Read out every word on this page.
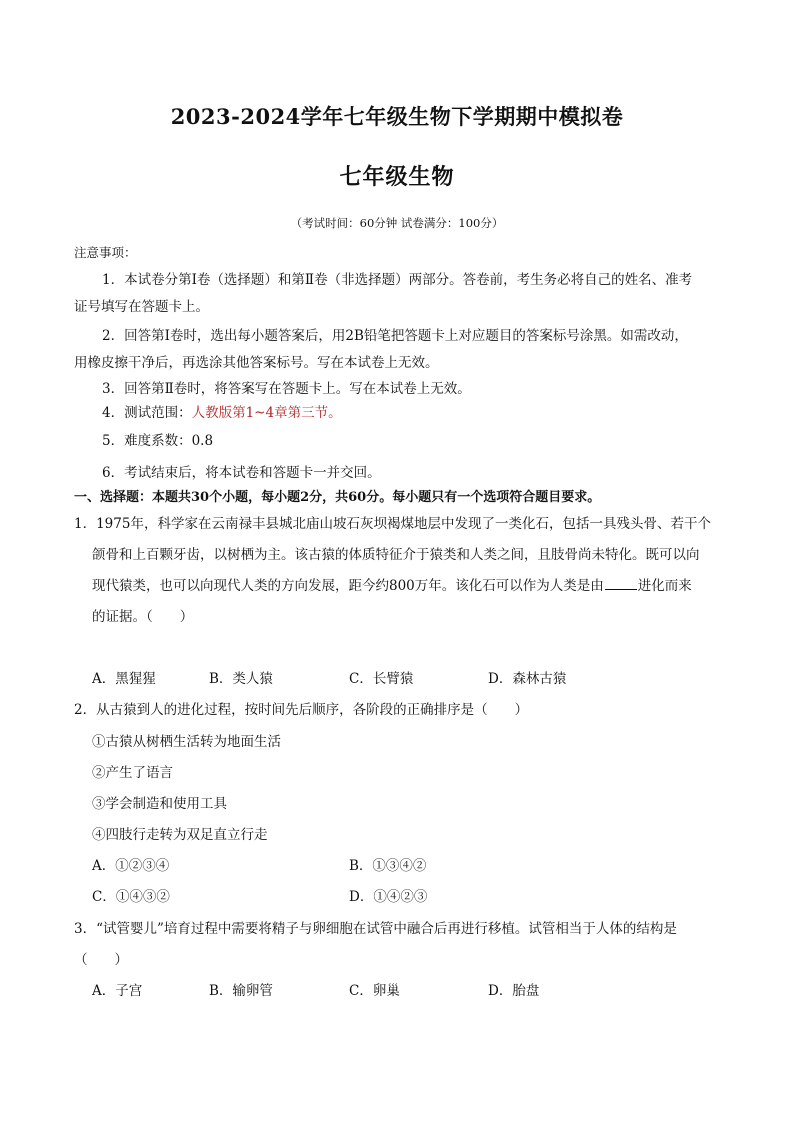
2023-2024学年七年级生物下学期期中模拟卷
七年级生物
（考试时间：60分钟 试卷满分：100分）
注意事项：
1．本试卷分第Ⅰ卷（选择题）和第Ⅱ卷（非选择题）两部分。答卷前，考生务必将自己的姓名、准考
证号填写在答题卡上。
2．回答第Ⅰ卷时，选出每小题答案后，用2B铅笔把答题卡上对应题目的答案标号涂黑。如需改动，
用橡皮擦干净后，再选涂其他答案标号。写在本试卷上无效。
3．回答第Ⅱ卷时，将答案写在答题卡上。写在本试卷上无效。
4．测试范围：人教版第1~4章第三节。
5．难度系数：0.8
6．考试结束后，将本试卷和答题卡一并交回。
一、选择题：本题共30个小题，每小题2分，共60分。每小题只有一个选项符合题目要求。
1．1975年，科学家在云南禄丰县城北庙山坡石灰坝褐煤地层中发现了一类化石，包括一具残头骨、若干个
颌骨和上百颗牙齿，以树栖为主。该古猿的体质特征介于猿类和人类之间，且肢骨尚未特化。既可以向
现代猿类，也可以向现代人类的方向发展，距今约800万年。该化石可以作为人类是由	进化而来
的证据。（　　）
A．黑猩猩	B．类人猿	C．长臂猿	D．森林古猿
2．从古猿到人的进化过程，按时间先后顺序，各阶段的正确排序是（　　）
①古猿从树栖生活转为地面生活
②产生了语言
③学会制造和使用工具
④四肢行走转为双足直立行走
A．①②③④	B．①③④②
C．①④③②	D．①④②③
3．“试管婴儿”培育过程中需要将精子与卵细胞在试管中融合后再进行移植。试管相当于人体的结构是
（　　）
A．子宫	B．输卵管	C．卵巢	D．胎盘
